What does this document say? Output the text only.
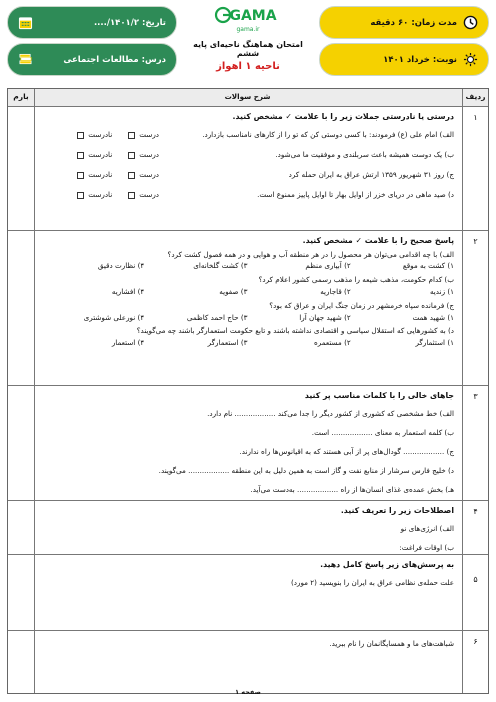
مدت زمان:

۶۰ دقیقه
تاریخ:

۱۴۰۱/۲/....
نوبت:

خرداد ۱۴۰۱
درس:

مطالعات اجتماعی
GAMA
gama.ir
امتحان هماهنگ ناحیه‌ای پایه ششم
ناحیه ۱ اهواز
ردیف
شرح سوالات
بارم
۱
درستی یا نادرستی جملات زیر را با علامت ✓ مشخص کنید.
الف) امام علی (ع) فرمودند: با کسی دوستی کن که تو را از کارهای نامناسب بازدارد.
درست
نادرست
ب) یک دوست همیشه باعث سربلندی و موفقیت ما می‌شود.
درست
نادرست
ج) روز ۳۱ شهریور ۱۳۵۹ ارتش عراق به ایران حمله کرد
درست
نادرست
د) صید ماهی در دریای خزر از اوایل بهار تا اوایل پاییز ممنوع است.
درست
نادرست
۲
پاسخ صحیح را با علامت ✓ مشخص کنید.
الف) با چه اقدامی می‌توان هر محصول را در هر منطقه آب و هوایی و در همه فصول کشت کرد؟
۱) کشت به موقع
۲) آبیاری منظم
۳) کشت گلخانه‌ای
۴) نظارت دقیق
ب) کدام حکومت، مذهب شیعه را مذهب رسمی کشور اعلام کرد؟
۱) زندیه
۲) قاجاریه
۳) صفویه
۴) افشاریه
ج) فرمانده سپاه خرمشهر در زمان جنگ ایران و عراق که بود؟
۱) شهید همت
۲) شهید جهان آرا
۳) حاج احمد کاظمی
۴) نورعلی شوشتری
د) به کشورهایی که استقلال سیاسی و اقتصادی نداشته باشند و تابع حکومت استعمارگر باشند چه می‌گویند؟
۱) استثمارگر
۲) مستعمره
۳) استعمارگر
۴) استعمار
۳
جاهای خالی را با کلمات مناسب پر کنید
الف) خط مشخصی که کشوری از کشور دیگر را جدا می‌کند .................. نام دارد.
ب) کلمه استعمار به معنای .................. است.
ج) .................. گودال‌های پر از آبی هستند که به اقیانوس‌ها راه ندارند.
د) خلیج فارس سرشار از منابع نفت و گاز است به همین دلیل به این منطقه .................. می‌گویند.
هـ) بخش عمده‌ی غذای انسان‌ها از راه .................. به‌دست می‌آید.
۴
اصطلاحات زیر را تعریف کنید.
الف) انرژی‌های نو
ب) اوقات فراغت:
۵
به پرسش‌های زیر پاسخ کامل دهید.
علت حمله‌ی نظامی عراق به ایران را بنویسید (۲ مورد)
۶
شباهت‌های ما و همسایگانمان را نام ببرید.
صفحه ۱
